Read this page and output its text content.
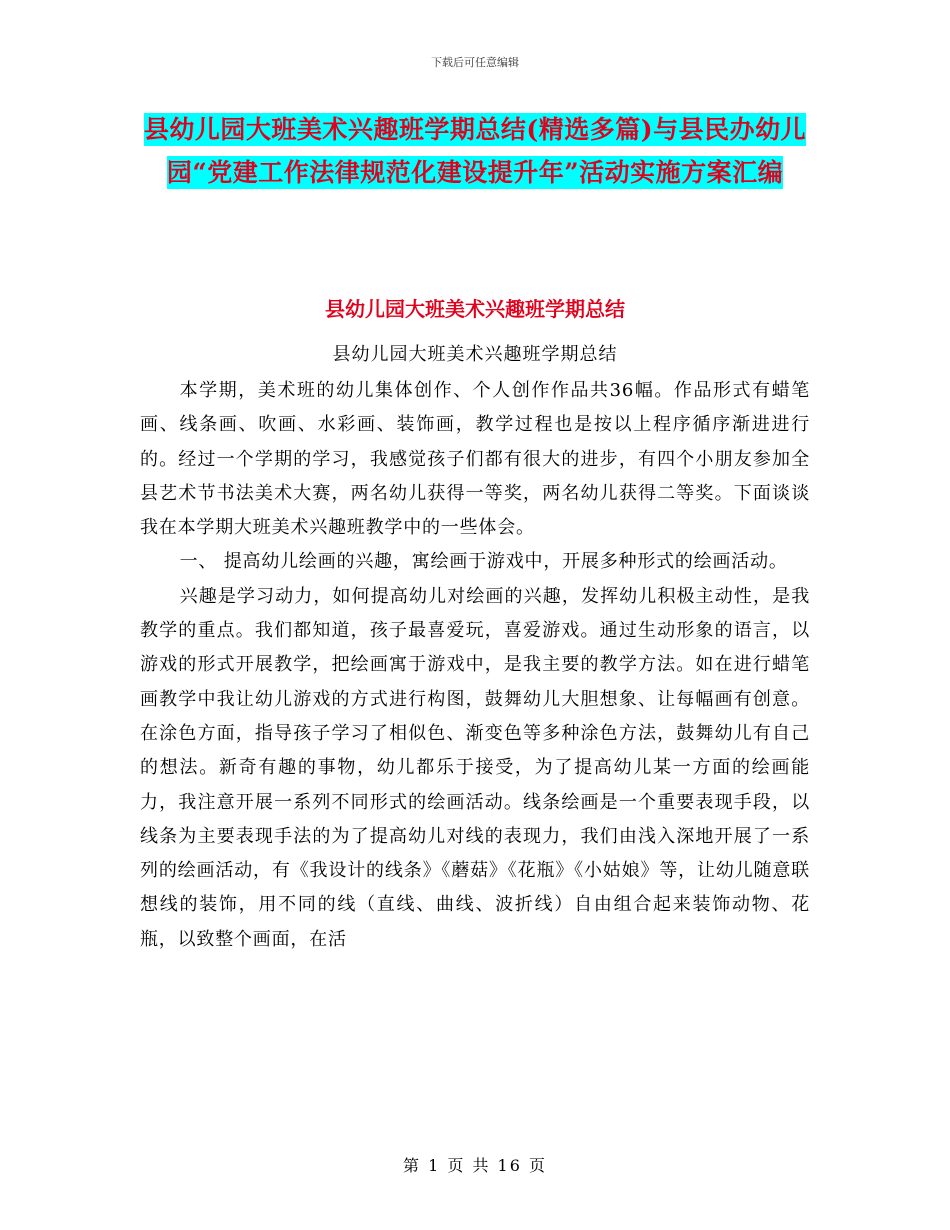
下载后可任意编辑
县幼儿园大班美术兴趣班学期总结(精选多篇)与县民办幼儿园“党建工作法律规范化建设提升年”活动实施方案汇编
县幼儿园大班美术兴趣班学期总结
县幼儿园大班美术兴趣班学期总结

本学期，美术班的幼儿集体创作、个人创作作品共36幅。作品形式有蜡笔画、线条画、吹画、水彩画、装饰画，教学过程也是按以上程序循序渐进进行的。经过一个学期的学习，我感觉孩子们都有很大的进步，有四个小朋友参加全县艺术节书法美术大赛，两名幼儿获得一等奖，两名幼儿获得二等奖。下面谈谈我在本学期大班美术兴趣班教学中的一些体会。

一、 提高幼儿绘画的兴趣，寓绘画于游戏中，开展多种形式的绘画活动。

兴趣是学习动力，如何提高幼儿对绘画的兴趣，发挥幼儿积极主动性，是我教学的重点。我们都知道，孩子最喜爱玩，喜爱游戏。通过生动形象的语言，以游戏的形式开展教学，把绘画寓于游戏中，是我主要的教学方法。如在进行蜡笔画教学中我让幼儿游戏的方式进行构图，鼓舞幼儿大胆想象、让每幅画有创意。在涂色方面，指导孩子学习了相似色、渐变色等多种涂色方法，鼓舞幼儿有自己的想法。新奇有趣的事物，幼儿都乐于接受，为了提高幼儿某一方面的绘画能力，我注意开展一系列不同形式的绘画活动。线条绘画是一个重要表现手段，以线条为主要表现手法的为了提高幼儿对线的表现力，我们由浅入深地开展了一系列的绘画活动，有《我设计的线条》《蘑菇》《花瓶》《小姑娘》等，让幼儿随意联想线的装饰，用不同的线（直线、曲线、波折线）自由组合起来装饰动物、花瓶，以致整个画面，在活

第 1 页 共 16 页
